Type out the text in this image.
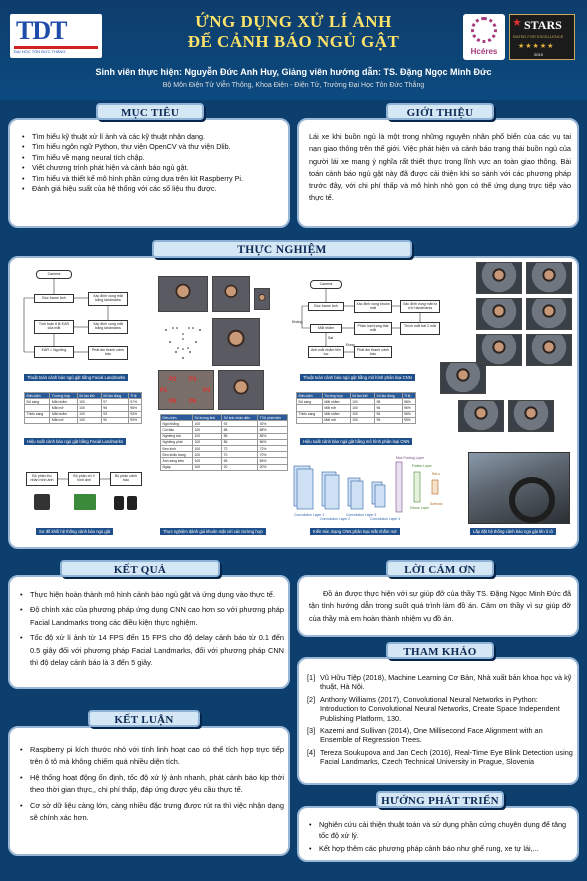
TDT
ĐẠI HỌC TÔN ĐỨC THẮNG
ỨNG DỤNG XỬ LÍ ẢNH
ĐỂ CẢNH BÁO NGỦ GẬT
Hcéres
★ STARS
RATED FOR EXCELLENCE
★★★★★
2019
Sinh viên thực hiện: Nguyễn Đức Anh Huy, Giảng viên hướng dẫn: TS. Đặng Ngọc Minh Đức
Bộ Môn Điện Tử Viễn Thông, Khoa Điện - Điện Tử, Trường Đại Học Tôn Đức Thắng
• Tìm hiểu kỹ thuật xử lí ảnh và các kỹ thuật nhận dạng.
• Tìm hiểu ngôn ngữ Python, thư viện OpenCV và thư viện Dlib.
• Tìm hiểu về mạng neural tích chập.
• Viết chương trình phát hiện và cảnh báo ngủ gật.
• Tìm hiểu và thiết kế mô hình phần cứng dựa trên kit Raspberry Pi.
• Đánh giá hiệu suất của hệ thống với các số liệu thu được.
MỤC TIÊU

Lái xe khi buồn ngủ là một trong những nguyên nhân phổ biến của các vụ tai nạn giao thông trên thế giới. Việc phát hiện và cảnh báo trạng thái buồn ngủ của người lái xe mang ý nghĩa rất thiết thực trong lĩnh vực an toàn giao thông. Bài toán cảnh báo ngủ gật này đã được cải thiện khi so sánh với các phương pháp trước đây, với chi phí thấp và mô hình nhỏ gọn có thể ứng dụng trực tiếp vào thực tế.

GIỚI THIỆU
Camera
Đọc frame ảnh	Xác định vùng mắt bằng landmarks
Tính toán tỉ lệ EAR của mắt
Xác định vùng mắt bằng landmarks
EAR < Ngưỡng	Phát âm thanh cảnh báo
Thuật toán cảnh báo ngủ gật bằng Facial Landmarks
Điều kiện	Trường hợp	Số lần thử	Số lần đúng	Tỉ lệ
Đủ sáng	Mắt nhắm	100	97	97%
	Mắt mở	100	96	96%
Thiếu sáng	Mắt nhắm	100	93	93%
	Mắt mở	100	90	90%
Hiệu suất cảnh báo ngủ gật bằng Facial Landmarks
P2 P3
P1	P4
P6 P5
Điều kiện	Số lượng ảnh	Số ảnh nhận diện	Tỉ lệ phát hiện
Ngồi thẳng	100	92	92%
Cúi đầu	100	88	88%
Nghiêng trái	100	85	85%
Nghiêng phải	100	86	86%
Đeo kính	100	72	72%
Đeo khẩu trang	100	70	70%
Ánh sáng kém	100	65	65%
Ngáp	100	20	20%
Camera
Đọc frame ảnh	Xác định vùng khuôn mặt
Xác định vùng mắt từ vị trí landmarks
Mắt nhắm	Phân loại trạng thái mắt
Thích mắt trái 2 mắt
Anh mắt nhắm liên tục
Phát âm thanh cảnh báo
Đúng
Sai
Không
Thuật toán cảnh báo ngủ gật bằng mô hình phân loại CNN
Điều kiện	Trường hợp	Số lần thử	Số lần đúng	Tỉ lệ
Đủ sáng	Mắt nhắm	100	98	98%
	Mắt mở	100	96	96%
Thiếu sáng	Mắt nhắm	100	96	96%
	Mắt mở	100	95	95%
Hiệu suất cảnh báo ngủ gật bằng mô hình phân loại CNN
Bộ phận thu nhận hình ảnh
Bộ phận xử lí hình ảnh
Bộ phận cảnh báo
Sơ đồ khối hệ thống cảnh báo ngủ gật	Thực nghiệm đánh giá khuôn mặt với các trường hợp
Convolution Layer 1
Convolution Layer 2
Convolution Layer 3
Convolution Layer 4
Max Pooling Layer
Flatten Layer
Dense Layer
ReLu
Softmax
Kiến trúc mạng CNN phân loại mắt nhắm mở	Lắp đặt hệ thống cảnh báo ngủ gật lên ô tô
THỰC NGHIỆM
• Thực hiện hoàn thành mô hình cảnh báo ngủ gật và ứng dụng vào thực tế.
• Độ chính xác của phương pháp ứng dụng CNN cao hơn so với phương pháp Facial Landmarks trong các điều kiện thực nghiệm.
• Tốc độ xử lí ảnh từ 14 FPS đến 15 FPS cho độ delay cảnh báo từ 0.1 đến 0.5 giây đối với phương pháp Facial Landmarks, đối với phương pháp CNN thì độ delay cảnh báo là 3 đến 5 giây.
KẾT QUẢ
• Raspberry pi kích thước nhỏ với tính linh hoạt cao có thể tích hợp trực tiếp trên ô tô mà không chiếm quá nhiều diện tích.
• Hệ thống hoạt động ổn định, tốc độ xử lý ảnh nhanh, phát cảnh báo kịp thời theo thời gian thực,, chi phí thấp, đáp ứng được yêu cầu thực tế.
• Cơ sở dữ liệu càng lớn, càng nhiều đặc trưng được rút ra thì việc nhận dạng sẽ chính xác hơn.
KẾT LUẬN

Đồ án được thực hiện với sự giúp đỡ của thầy TS. Đặng Ngọc Minh Đức đã tận tình hướng dẫn trong suốt quá trình làm đồ án. Cảm ơn thầy vì sự giúp đỡ của thầy mà em hoàn thành nhiệm vụ đồ án.

LỜI CẢM ƠN
[1] Vũ Hữu Tiệp (2018), Machine Learning Cơ Bản, Nhà xuất bản khoa học và kỹ thuật, Hà Nội.
[2] Anthony Williams (2017), Convolutional Neural Networks in Python: Introduction to Convolutional Neural Networks, Create Space Independent Publishing Platform, 130.
[3] Kazemi and Sullivan (2014), One Millisecond Face Alignment with an Ensemble of Regression Trees.
[4] Tereza Soukupova and Jan Cech (2016), Real-Time Eye Blink Detection using Facial Landmarks, Czech Technical University in Prague, Slovenia
THAM KHẢO
• Nghiên cứu cải thiện thuật toán và sử dụng phần cứng chuyên dụng để tăng tốc độ xử lý.
• Kết hợp thêm các phương pháp cảnh báo như ghế rung, xe tự lái,...
HƯỚNG PHÁT TRIỂN
